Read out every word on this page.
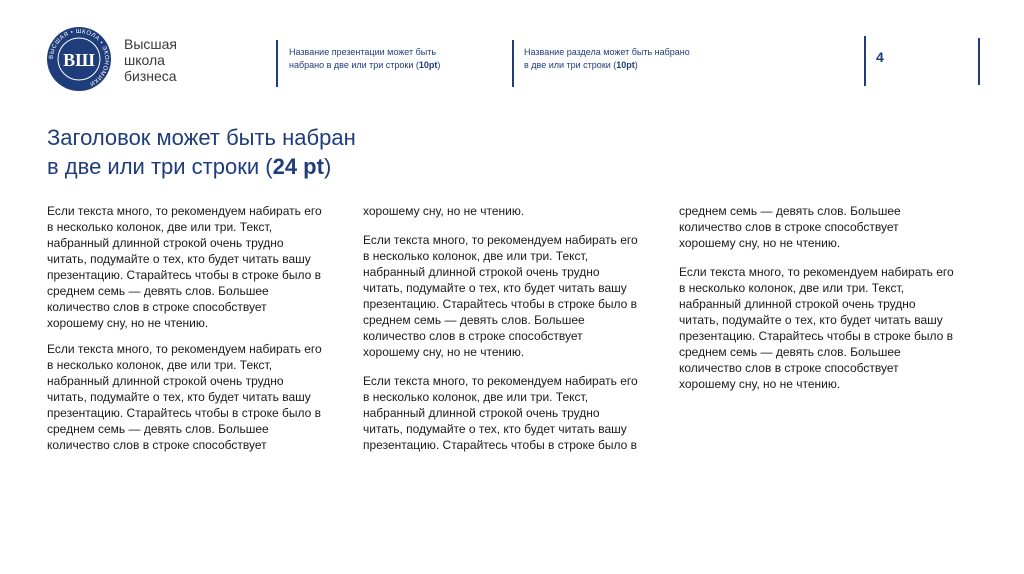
ВЫСШАЯ • ШКОЛА • ЭКОНОМИКИ
ВШ
Высшая
школа
бизнеса
Название презентации может быть
набрано в две или три строки (10pt)
Название раздела может быть набрано
в две или три строки (10pt)	4
Заголовок может быть набран
в две или три строки (24 pt)

Если текста много, то рекомендуем набирать его
в несколько колонок, две или три. Текст,
набранный длинной строкой очень трудно
читать, подумайте о тех, кто будет читать вашу
презентацию. Старайтесь чтобы в строке было в
среднем семь — девять слов. Большее
количество слов в строке способствует
хорошему сну, но не чтению.

Если текста много, то рекомендуем набирать его
в несколько колонок, две или три. Текст,
набранный длинной строкой очень трудно
читать, подумайте о тех, кто будет читать вашу
презентацию. Старайтесь чтобы в строке было в
среднем семь — девять слов. Большее
количество слов в строке способствует

хорошему сну, но не чтению.

Если текста много, то рекомендуем набирать его
в несколько колонок, две или три. Текст,
набранный длинной строкой очень трудно
читать, подумайте о тех, кто будет читать вашу
презентацию. Старайтесь чтобы в строке было в
среднем семь — девять слов. Большее
количество слов в строке способствует
хорошему сну, но не чтению.

Если текста много, то рекомендуем набирать его
в несколько колонок, две или три. Текст,
набранный длинной строкой очень трудно
читать, подумайте о тех, кто будет читать вашу
презентацию. Старайтесь чтобы в строке было в

среднем семь — девять слов. Большее
количество слов в строке способствует
хорошему сну, но не чтению.

Если текста много, то рекомендуем набирать его
в несколько колонок, две или три. Текст,
набранный длинной строкой очень трудно
читать, подумайте о тех, кто будет читать вашу
презентацию. Старайтесь чтобы в строке было в
среднем семь — девять слов. Большее
количество слов в строке способствует
хорошему сну, но не чтению.
